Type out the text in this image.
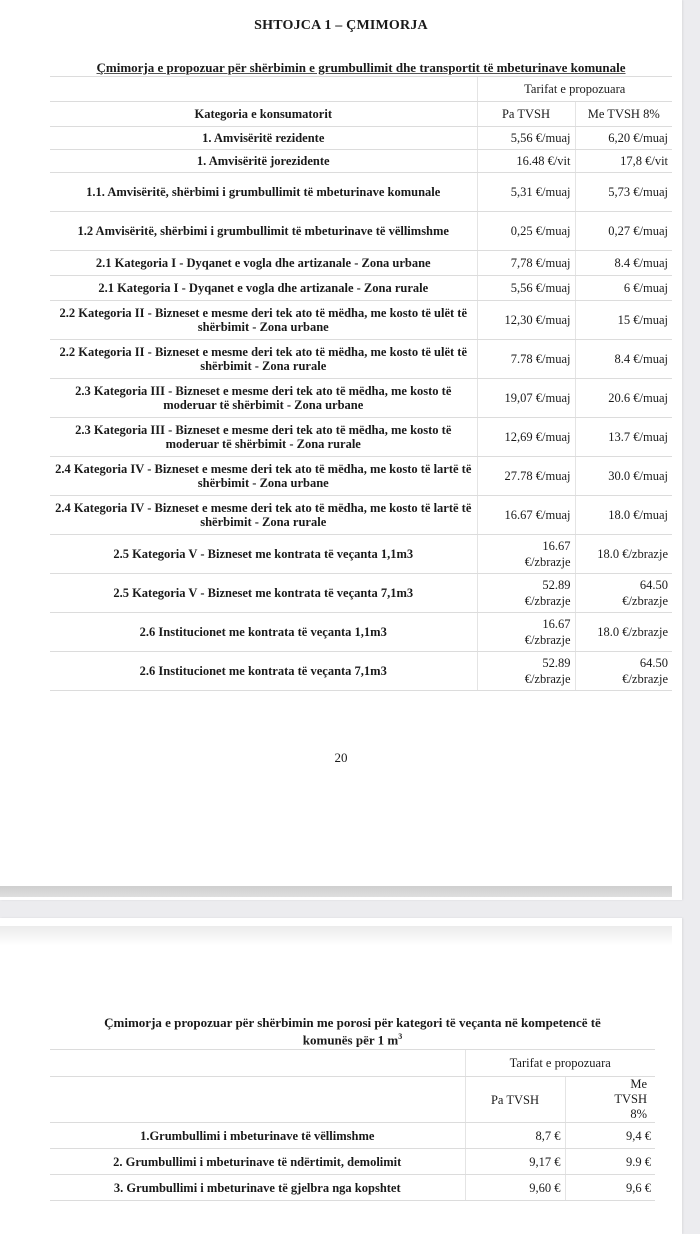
SHTOJCA 1 – ÇMIMORJA
Çmimorja e propozuar për shërbimin e grumbullimit dhe transportit të mbeturinave komunale		
	Tarifat e propozuara	
Kategoria e konsumatorit	Pa TVSH	Me TVSH 8%
1. Amvisëritë rezidente	5,56 €/muaj	6,20 €/muaj
1. Amvisëritë jorezidente	16.48 €/vit	17,8 €/vit
1.1. Amvisëritë, shërbimi i grumbullimit të mbeturinave komunale	5,31 €/muaj	5,73 €/muaj
1.2 Amvisëritë, shërbimi i grumbullimit të mbeturinave të vëllimshme	0,25 €/muaj	0,27 €/muaj
2.1 Kategoria I - Dyqanet e vogla dhe artizanale - Zona urbane	7,78 €/muaj	8.4 €/muaj
2.1 Kategoria I - Dyqanet e vogla dhe artizanale - Zona rurale	5,56 €/muaj	6 €/muaj
2.2 Kategoria II - Bizneset e mesme deri tek ato të mëdha, me kosto të ulët të shërbimit - Zona urbane	12,30 €/muaj	15 €/muaj
2.2 Kategoria II - Bizneset e mesme deri tek ato të mëdha, me kosto të ulët të shërbimit - Zona rurale	7.78 €/muaj	8.4 €/muaj
2.3 Kategoria III - Bizneset e mesme deri tek ato të mëdha, me kosto të moderuar të shërbimit - Zona urbane	19,07 €/muaj	20.6 €/muaj
2.3 Kategoria III - Bizneset e mesme deri tek ato të mëdha, me kosto të moderuar të shërbimit - Zona rurale	12,69 €/muaj	13.7 €/muaj
2.4 Kategoria IV - Bizneset e mesme deri tek ato të mëdha, me kosto të lartë të shërbimit - Zona urbane	27.78 €/muaj	30.0 €/muaj
2.4 Kategoria IV - Bizneset e mesme deri tek ato të mëdha, me kosto të lartë të shërbimit - Zona rurale	16.67 €/muaj	18.0 €/muaj
2.5 Kategoria V - Bizneset me kontrata të veçanta 1,1m3	16.67 €/zbrazje	18.0 €/zbrazje
2.5 Kategoria V - Bizneset me kontrata të veçanta 7,1m3	52.89 €/zbrazje	64.50 €/zbrazje
2.6 Institucionet me kontrata të veçanta 1,1m3	16.67 €/zbrazje	18.0 €/zbrazje
2.6 Institucionet me kontrata të veçanta 7,1m3	52.89 €/zbrazje	64.50 €/zbrazje
20
Çmimorja e propozuar për shërbimin me porosi për kategori të veçanta në kompetencë të
komunës për 1 $m^3$

	Tarifat e propozuara	
	Pa TVSH	Me TVSH 8%
1.Grumbullimi i mbeturinave të vëllimshme	8,7 €	9,4 €
2. Grumbullimi i mbeturinave të ndërtimit, demolimit	9,17 €	9.9 €
3. Grumbullimi i mbeturinave të gjelbra nga kopshtet	9,60 €	9,6 €
